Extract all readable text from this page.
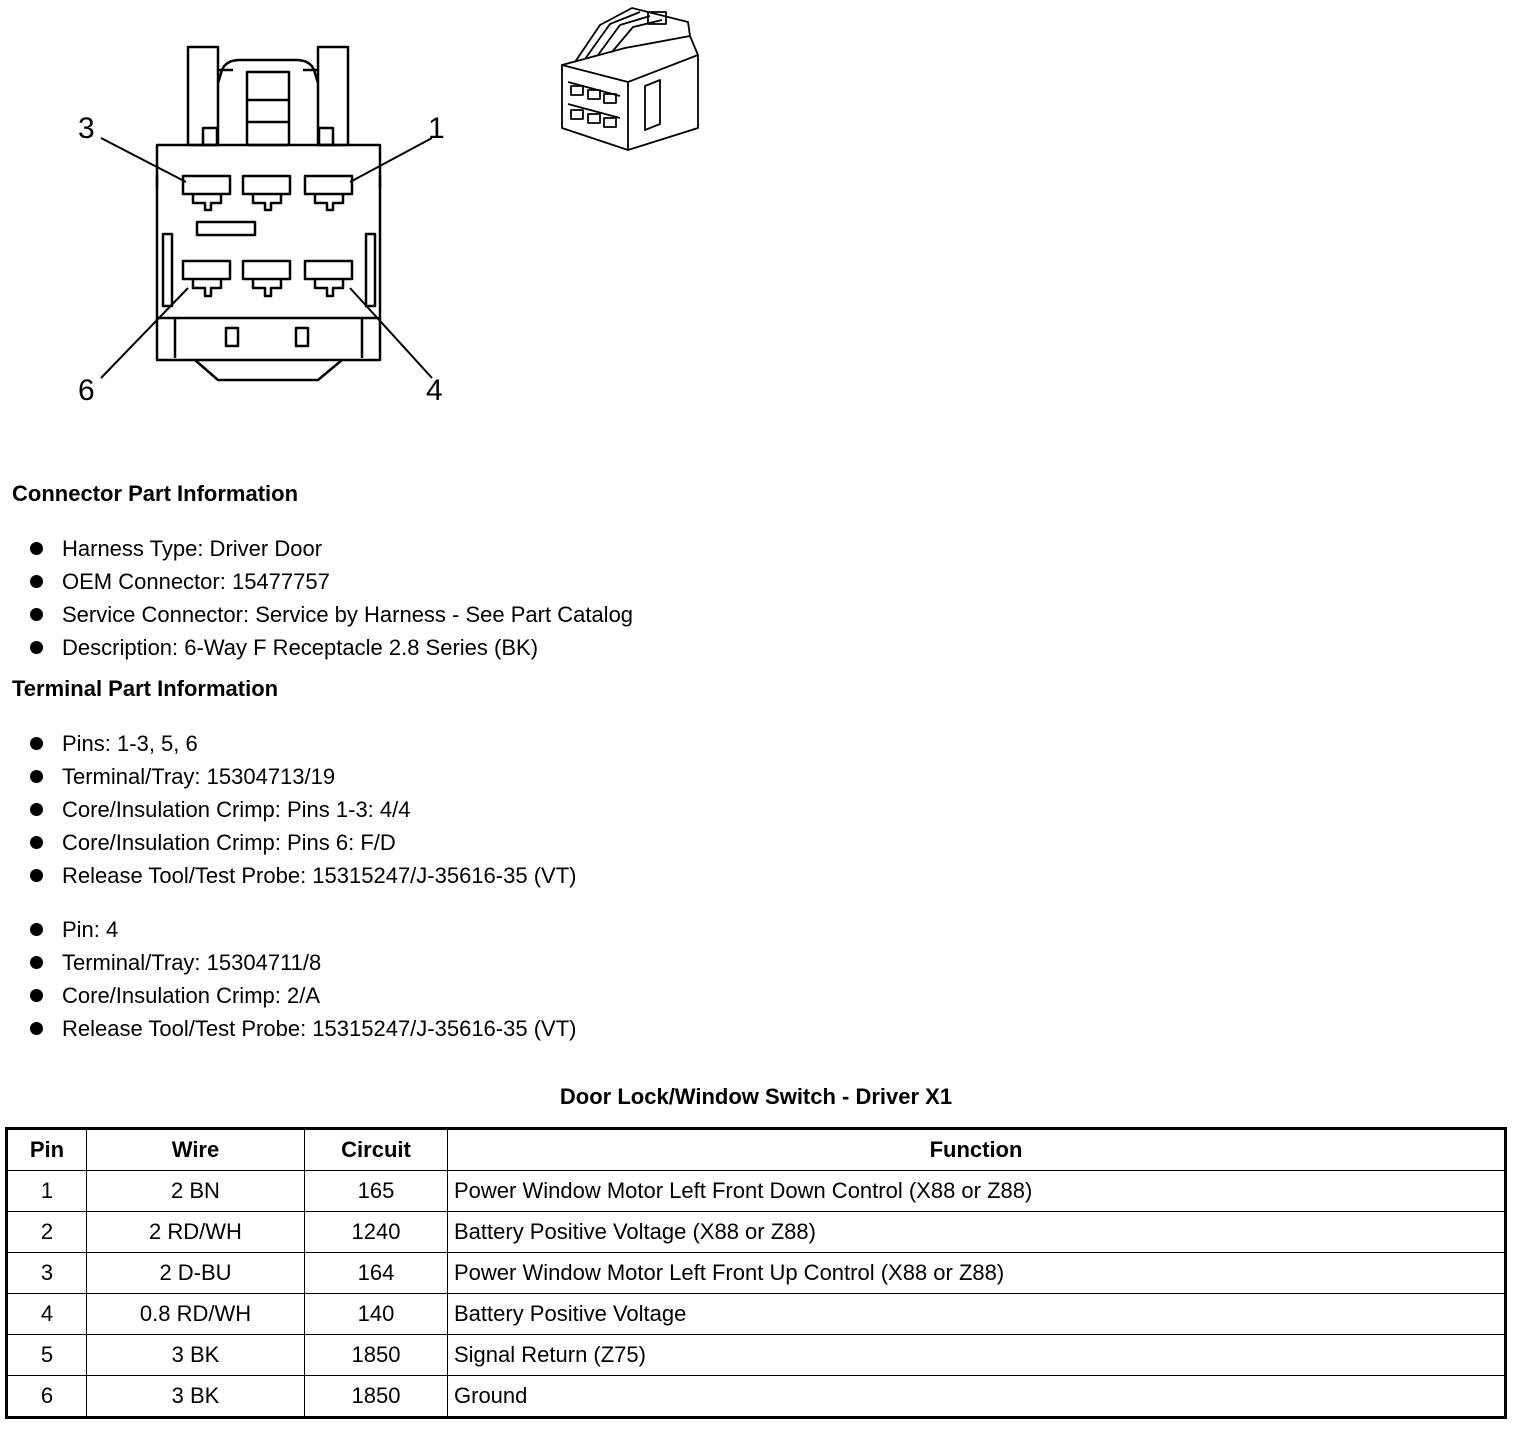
3	1
6	4
Connector Part Information
Harness Type: Driver Door
OEM Connector: 15477757
Service Connector: Service by Harness - See Part Catalog
Description: 6-Way F Receptacle 2.8 Series (BK)
Terminal Part Information
Pins: 1-3, 5, 6
Terminal/Tray: 15304713/19
Core/Insulation Crimp: Pins 1-3: 4/4
Core/Insulation Crimp: Pins 6: F/D
Release Tool/Test Probe: 15315247/J-35616-35 (VT)
Pin: 4
Terminal/Tray: 15304711/8
Core/Insulation Crimp: 2/A
Release Tool/Test Probe: 15315247/J-35616-35 (VT)
Door Lock/Window Switch - Driver X1
Pin	Wire	Circuit	Function
1	2 BN	165	Power Window Motor Left Front Down Control (X88 or Z88)
2	2 RD/WH	1240	Battery Positive Voltage (X88 or Z88)
3	2 D-BU	164	Power Window Motor Left Front Up Control (X88 or Z88)
4	0.8 RD/WH	140	Battery Positive Voltage
5	3 BK	1850	Signal Return (Z75)
6	3 BK	1850	Ground
